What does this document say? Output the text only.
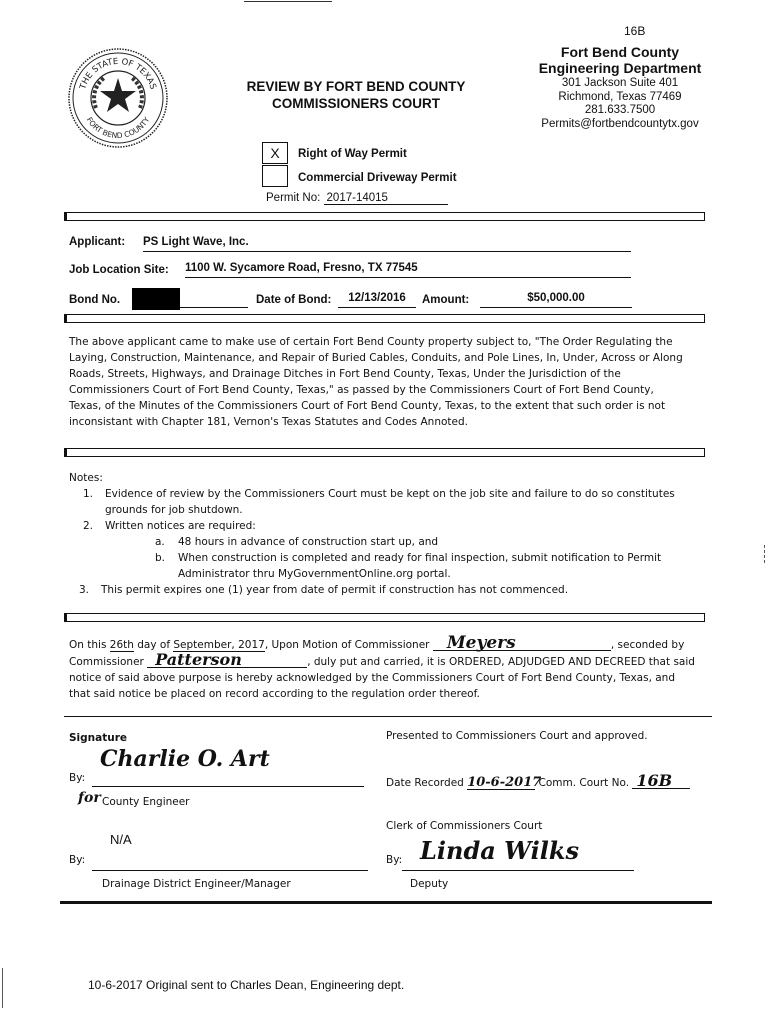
16B
THE STATE OF TEXAS
FORT BEND COUNTY
REVIEW BY FORT BEND COUNTY
COMMISSIONERS COURT
Fort Bend County
Engineering Department
301 Jackson Suite 401
Richmond, Texas 77469
281.633.7500
Permits@fortbendcountytx.gov
X	Right of Way Permit
Commercial Driveway Permit
Permit No: 2017-14015
Applicant: PS Light Wave, Inc.
Job Location Site: 1100 W. Sycamore Road, Fresno, TX 77545
Bond No.	Date of Bond:	12/13/2016	Amount:	$50,000.00
The above applicant came to make use of certain Fort Bend County property subject to, "The Order Regulating the
Laying, Construction, Maintenance, and Repair of Buried Cables, Conduits, and Pole Lines, In, Under, Across or Along
Roads, Streets, Highways, and Drainage Ditches in Fort Bend County, Texas, Under the Jurisdiction of the
Commissioners Court of Fort Bend County, Texas," as passed by the Commissioners Court of Fort Bend County,
Texas, of the Minutes of the Commissioners Court of Fort Bend County, Texas, to the extent that such order is not
inconsistant with Chapter 181, Vernon's Texas Statutes and Codes Annoted.
Notes:
1. Evidence of review by the Commissioners Court must be kept on the job site and failure to do so constitutes
grounds for job shutdown.
2. Written notices are required:
a. 48 hours in advance of construction start up, and
b. When construction is completed and ready for final inspection, submit notification to Permit
Administrator thru MyGovernmentOnline.org portal.
3. This permit expires one (1) year from date of permit if construction has not commenced.
On this 26th day of September, 2017, Upon Motion of Commissioner Meyers	, seconded by
Commissioner Patterson	, duly put and carried, it is ORDERED, ADJUDGED AND DECREED that said
notice of said above purpose is hereby acknowledged by the Commissioners Court of Fort Bend County, Texas, and
that said notice be placed on record according to the regulation order thereof.
Signature
By:
Charlie O. Art
for County Engineer
N/A
By:
Drainage District Engineer/Manager
Presented to Commissioners Court and approved.
Date Recorded 10-6-2017 Comm. Court No. 16B
Clerk of Commissioners Court
By: Linda Wilks
Deputy
10-6-2017 Original sent to Charles Dean, Engineering dept.
